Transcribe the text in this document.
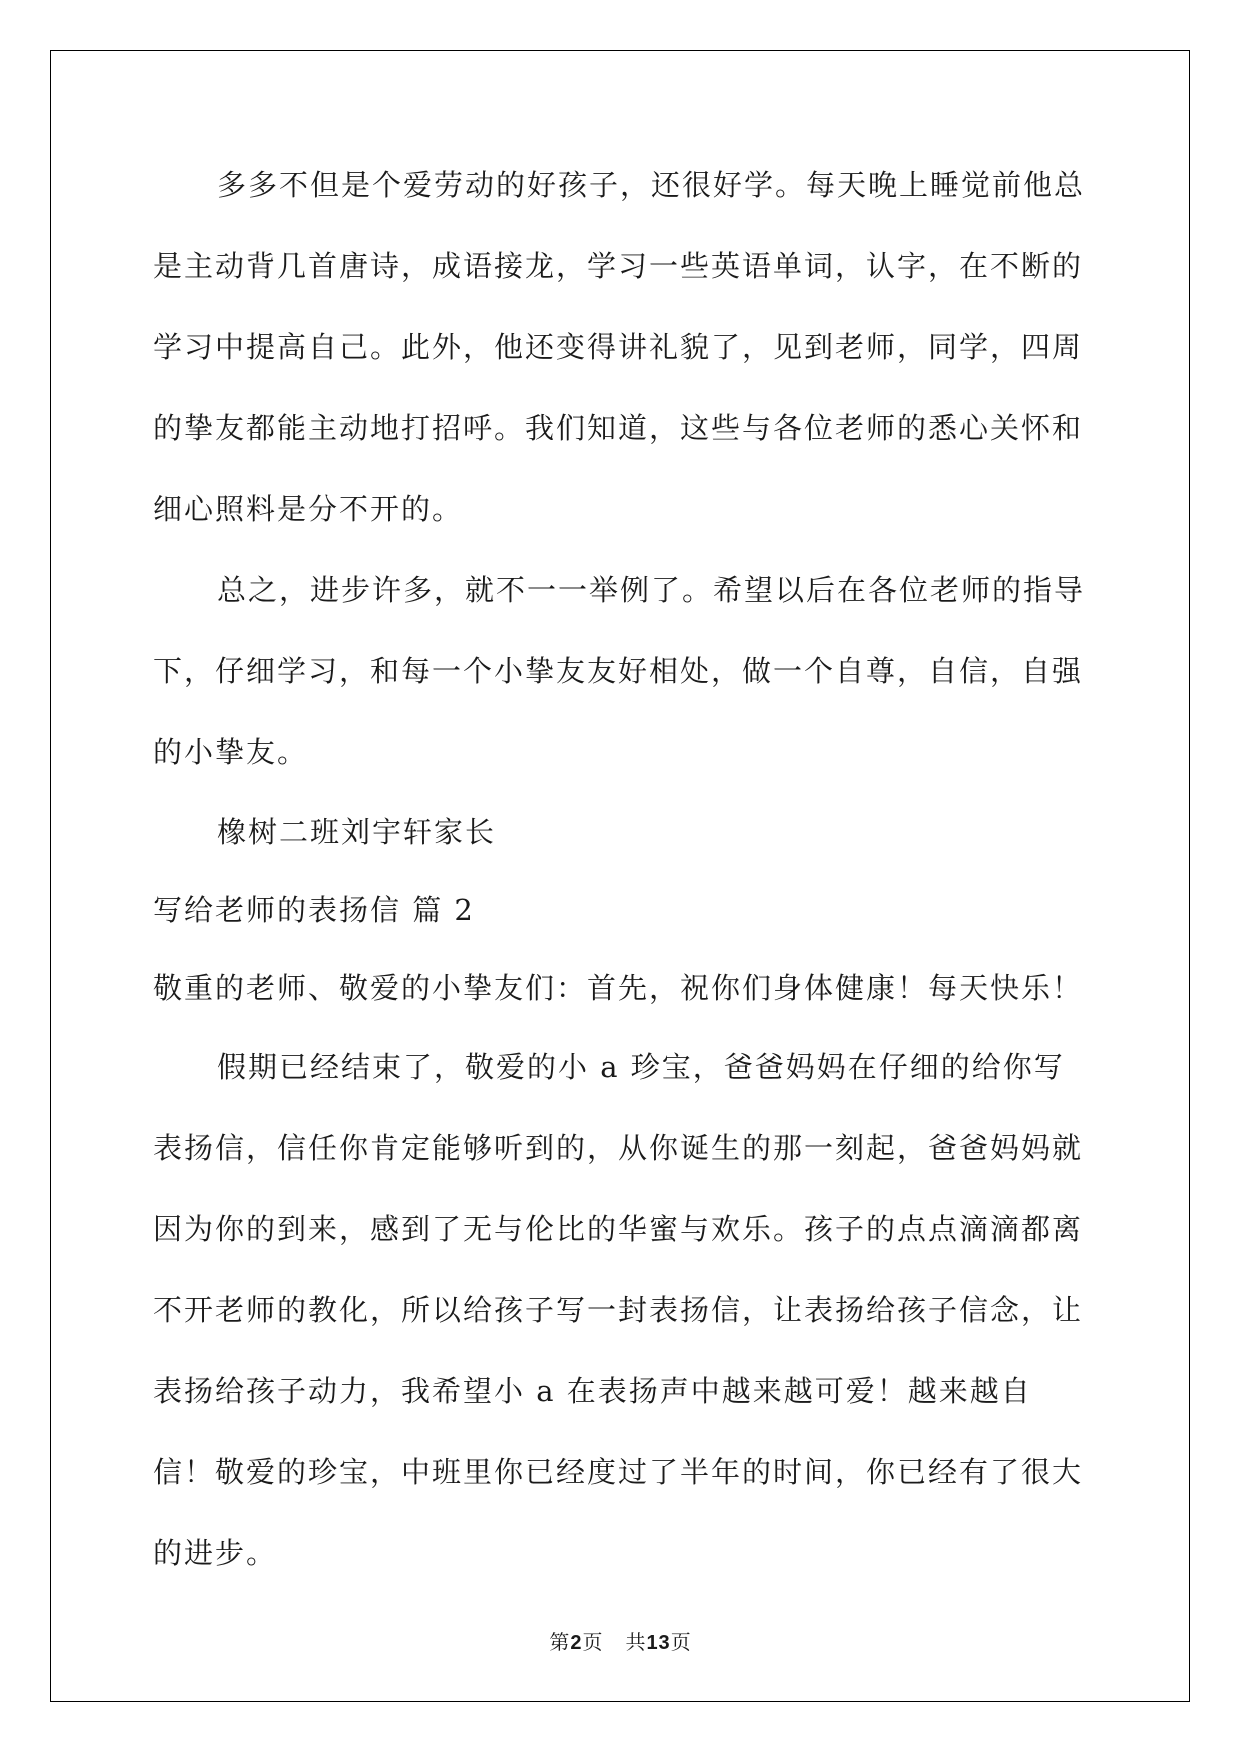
多多不但是个爱劳动的好孩子，还很好学。每天晚上睡觉前他总是主动背几首唐诗，成语接龙，学习一些英语单词，认字，在不断的学习中提高自己。此外，他还变得讲礼貌了，见到老师，同学，四周的挚友都能主动地打招呼。我们知道，这些与各位老师的悉心关怀和细心照料是分不开的。

总之，进步许多，就不一一举例了。希望以后在各位老师的指导下，仔细学习，和每一个小挚友友好相处，做一个自尊，自信，自强的小挚友。

橡树二班刘宇轩家长

写给老师的表扬信 篇 2

敬重的老师、敬爱的小挚友们：首先，祝你们身体健康！每天快乐！

假期已经结束了，敬爱的小 a 珍宝，爸爸妈妈在仔细的给你写表扬信，信任你肯定能够听到的，从你诞生的那一刻起，爸爸妈妈就因为你的到来，感到了无与伦比的华蜜与欢乐。孩子的点点滴滴都离不开老师的教化，所以给孩子写一封表扬信，让表扬给孩子信念，让表扬给孩子动力，我希望小 a 在表扬声中越来越可爱！越来越自信！敬爱的珍宝，中班里你已经度过了半年的时间，你已经有了很大的进步。

第2页 共13页
